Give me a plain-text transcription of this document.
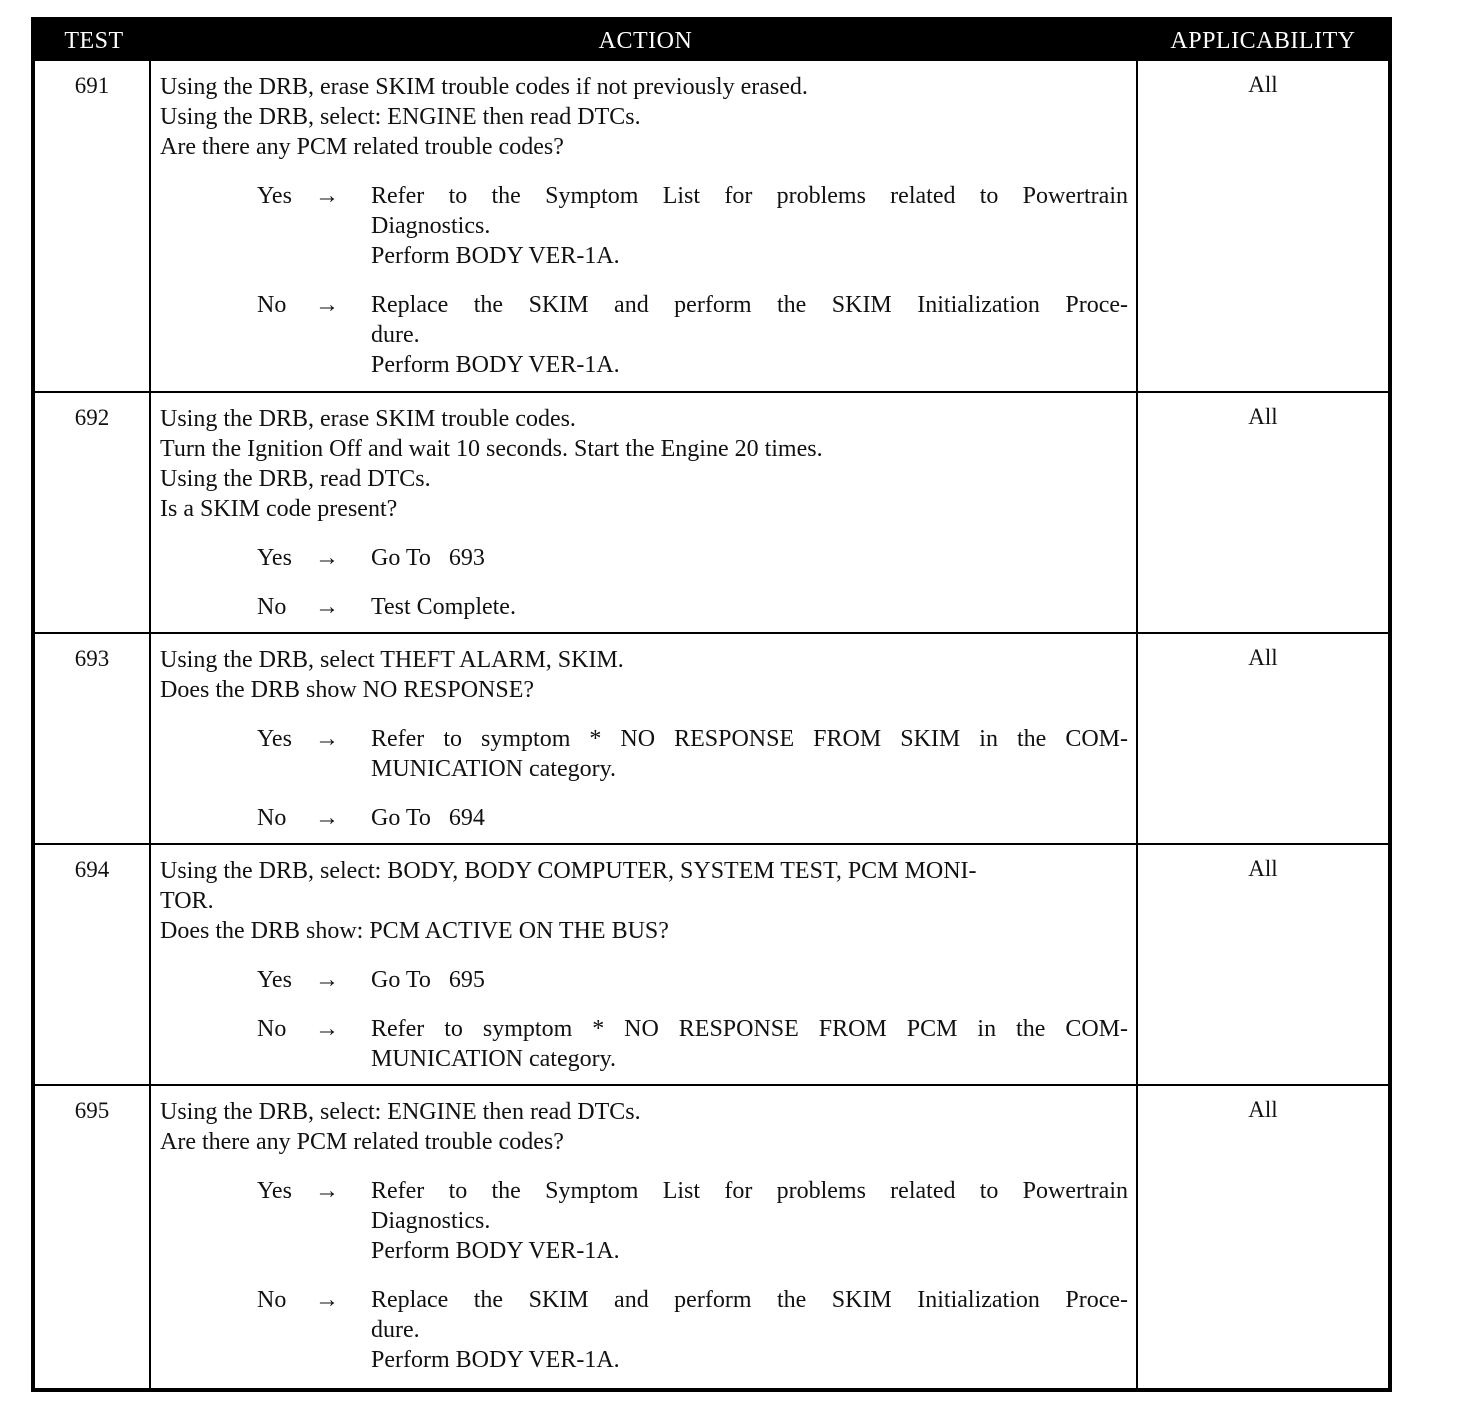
TEST	ACTION	APPLICABILITY
691	Using the DRB, erase SKIM trouble codes if not previously erased.
Using the DRB, select: ENGINE then read DTCs.
Are there any PCM related trouble codes?
Yes →	Refer to the Symptom List for problems related to Powertrain
Diagnostics.
Perform BODY VER-1A.
No	→	Replace the SKIM and perform the SKIM Initialization Proce-
dure.
Perform BODY VER-1A.
All
692	Using the DRB, erase SKIM trouble codes.
Turn the Ignition Off and wait 10 seconds. Start the Engine 20 times.
Using the DRB, read DTCs.
Is a SKIM code present?
Yes →	Go To   693
No	→	Test Complete.
All
693	Using the DRB, select THEFT ALARM, SKIM.
Does the DRB show NO RESPONSE?
Yes →	Refer to symptom * NO RESPONSE FROM SKIM in the COM-
MUNICATION category.
No	→	Go To   694
All
694	Using the DRB, select: BODY, BODY COMPUTER, SYSTEM TEST, PCM MONI-
TOR.
Does the DRB show: PCM ACTIVE ON THE BUS?
Yes →	Go To   695
No	→	Refer to symptom * NO RESPONSE FROM PCM in the COM-
MUNICATION category.
All
695	Using the DRB, select: ENGINE then read DTCs.
Are there any PCM related trouble codes?
Yes →	Refer to the Symptom List for problems related to Powertrain
Diagnostics.
Perform BODY VER-1A.
No	→	Replace the SKIM and perform the SKIM Initialization Proce-
dure.
Perform BODY VER-1A.
All
